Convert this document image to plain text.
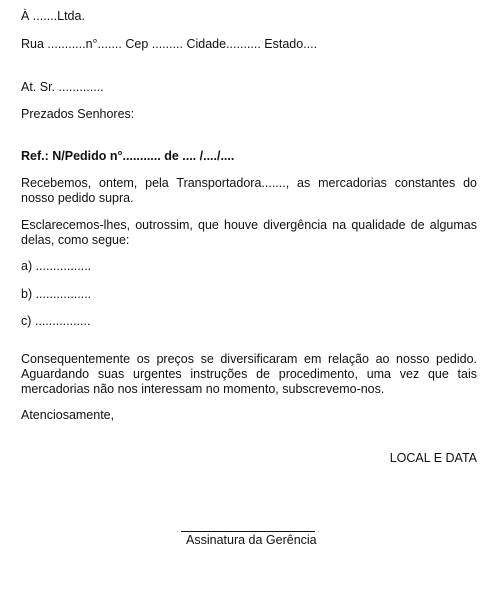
À .......Ltda.
Rua ...........n°....... Cep ......... Cidade.......... Estado....
At. Sr. .............
Prezados Senhores:
Ref.: N/Pedido n°........... de .... /..../....
Recebemos, ontem, pela Transportadora......., as mercadorias constantes do nosso pedido supra.
Esclarecemos-lhes, outrossim, que houve divergência na qualidade de algumas delas, como segue:
a) ................
b) ................
c) ................
Consequentemente os preços se diversificaram em relação ao nosso pedido. Aguardando suas urgentes instruções de procedimento, uma vez que tais mercadorias não nos interessam no momento, subscrevemo-nos.
Atenciosamente,
LOCAL E DATA
Assinatura da Gerência
